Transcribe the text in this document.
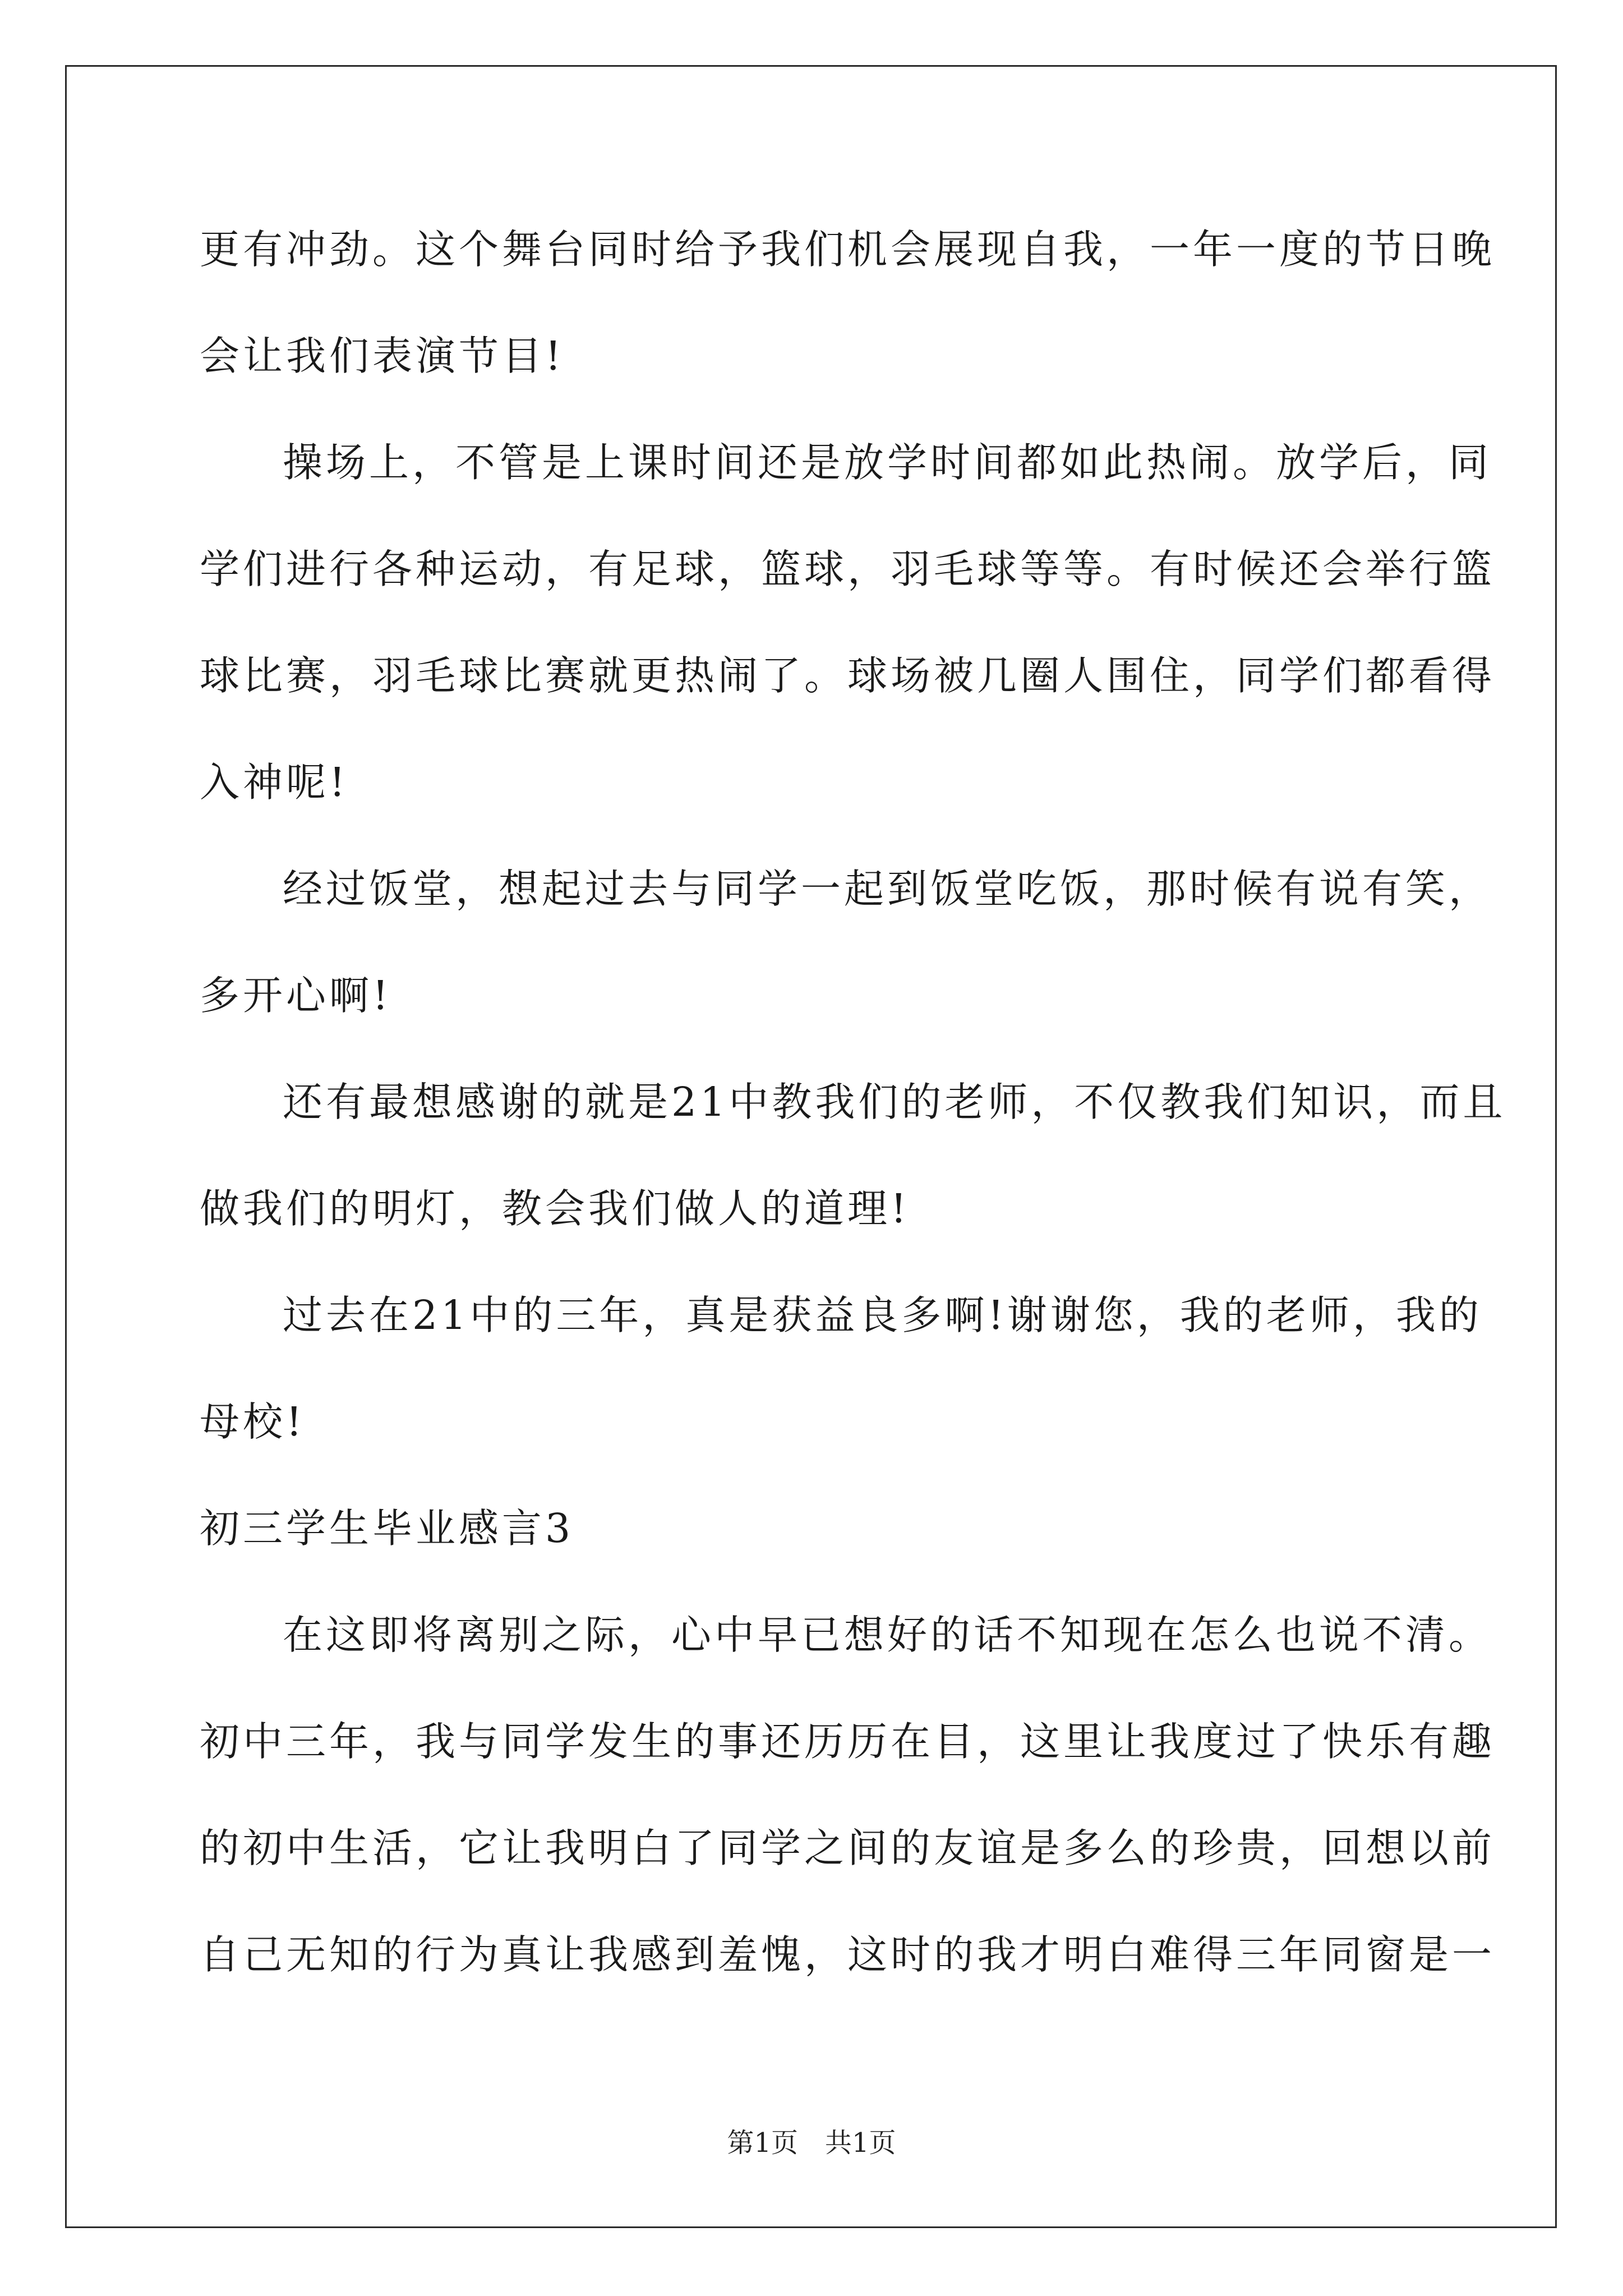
更有冲劲。这个舞台同时给予我们机会展现自我，一年一度的节日晚
会让我们表演节目!
操场上，不管是上课时间还是放学时间都如此热闹。放学后，同
学们进行各种运动，有足球，篮球，羽毛球等等。有时候还会举行篮
球比赛，羽毛球比赛就更热闹了。球场被几圈人围住，同学们都看得
入神呢!
经过饭堂，想起过去与同学一起到饭堂吃饭，那时候有说有笑，
多开心啊!
还有最想感谢的就是21中教我们的老师，不仅教我们知识，而且
做我们的明灯，教会我们做人的道理!
过去在21中的三年，真是获益良多啊!谢谢您，我的老师，我的
母校!
初三学生毕业感言3
在这即将离别之际，心中早已想好的话不知现在怎么也说不清。
初中三年，我与同学发生的事还历历在目，这里让我度过了快乐有趣
的初中生活，它让我明白了同学之间的友谊是多么的珍贵，回想以前
自己无知的行为真让我感到羞愧，这时的我才明白难得三年同窗是一
第1页　共1页
